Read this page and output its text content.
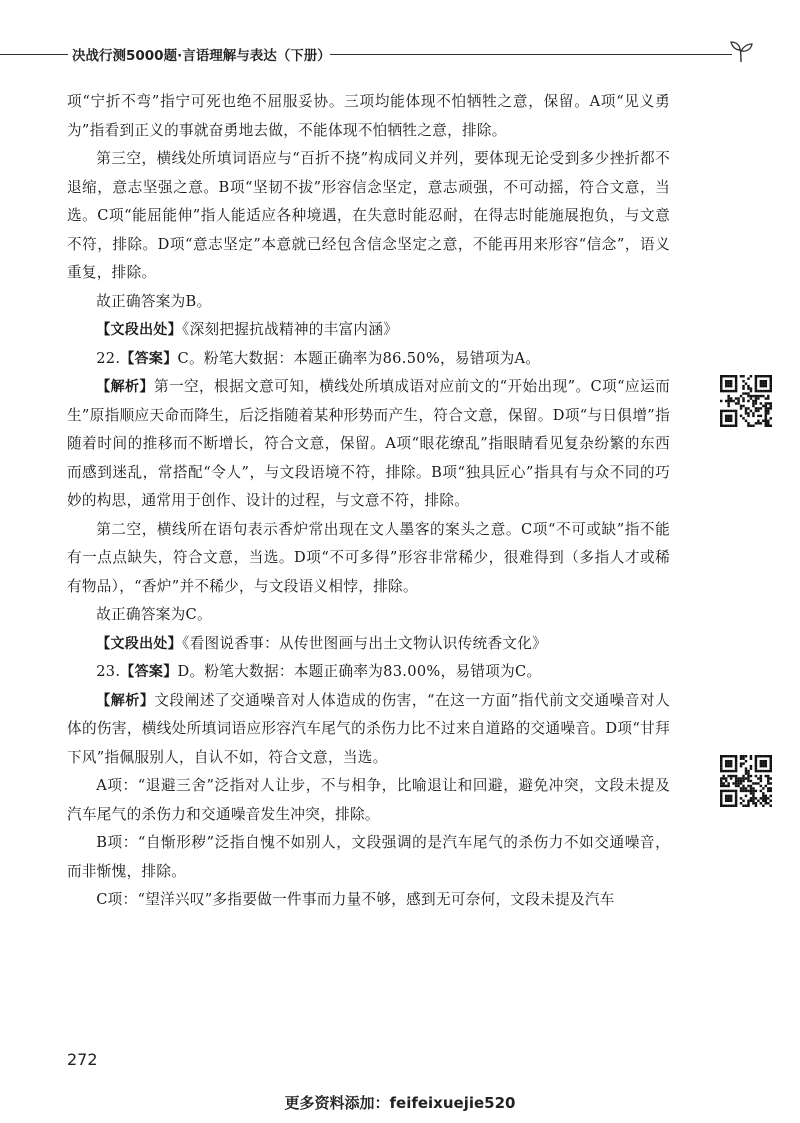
决战行测5000题·言语理解与表达（下册）

项“宁折不弯”指宁可死也绝不屈服妥协。三项均能体现不怕牺牲之意，保留。A项“见义勇为”指看到正义的事就奋勇地去做，不能体现不怕牺牲之意，排除。

第三空，横线处所填词语应与“百折不挠”构成同义并列，要体现无论受到多少挫折都不退缩，意志坚强之意。B项“坚韧不拔”形容信念坚定，意志顽强，不可动摇，符合文意，当选。C项“能屈能伸”指人能适应各种境遇，在失意时能忍耐，在得志时能施展抱负，与文意不符，排除。D项“意志坚定”本意就已经包含信念坚定之意，不能再用来形容“信念”，语义重复，排除。

故正确答案为B。

【文段出处】《深刻把握抗战精神的丰富内涵》

22.【答案】C。粉笔大数据：本题正确率为86.50%，易错项为A。

【解析】第一空，根据文意可知，横线处所填成语对应前文的“开始出现”。C项“应运而生”原指顺应天命而降生，后泛指随着某种形势而产生，符合文意，保留。D项“与日俱增”指随着时间的推移而不断增长，符合文意，保留。A项“眼花缭乱”指眼睛看见复杂纷繁的东西而感到迷乱，常搭配“令人”，与文段语境不符，排除。B项“独具匠心”指具有与众不同的巧妙的构思，通常用于创作、设计的过程，与文意不符，排除。

第二空，横线所在语句表示香炉常出现在文人墨客的案头之意。C项“不可或缺”指不能有一点点缺失，符合文意，当选。D项“不可多得”形容非常稀少，很难得到（多指人才或稀有物品），“香炉”并不稀少，与文段语义相悖，排除。

故正确答案为C。

【文段出处】《看图说香事：从传世图画与出土文物认识传统香文化》

23.【答案】D。粉笔大数据：本题正确率为83.00%，易错项为C。

【解析】文段阐述了交通噪音对人体造成的伤害，“在这一方面”指代前文交通噪音对人体的伤害，横线处所填词语应形容汽车尾气的杀伤力比不过来自道路的交通噪音。D项“甘拜下风”指佩服别人，自认不如，符合文意，当选。

A项：“退避三舍”泛指对人让步，不与相争，比喻退让和回避，避免冲突，文段未提及汽车尾气的杀伤力和交通噪音发生冲突，排除。

B项：“自惭形秽”泛指自愧不如别人，文段强调的是汽车尾气的杀伤力不如交通噪音，而非惭愧，排除。

C项：“望洋兴叹”多指要做一件事而力量不够，感到无可奈何，文段未提及汽车

272
更多资料添加：feifeixuejie520
